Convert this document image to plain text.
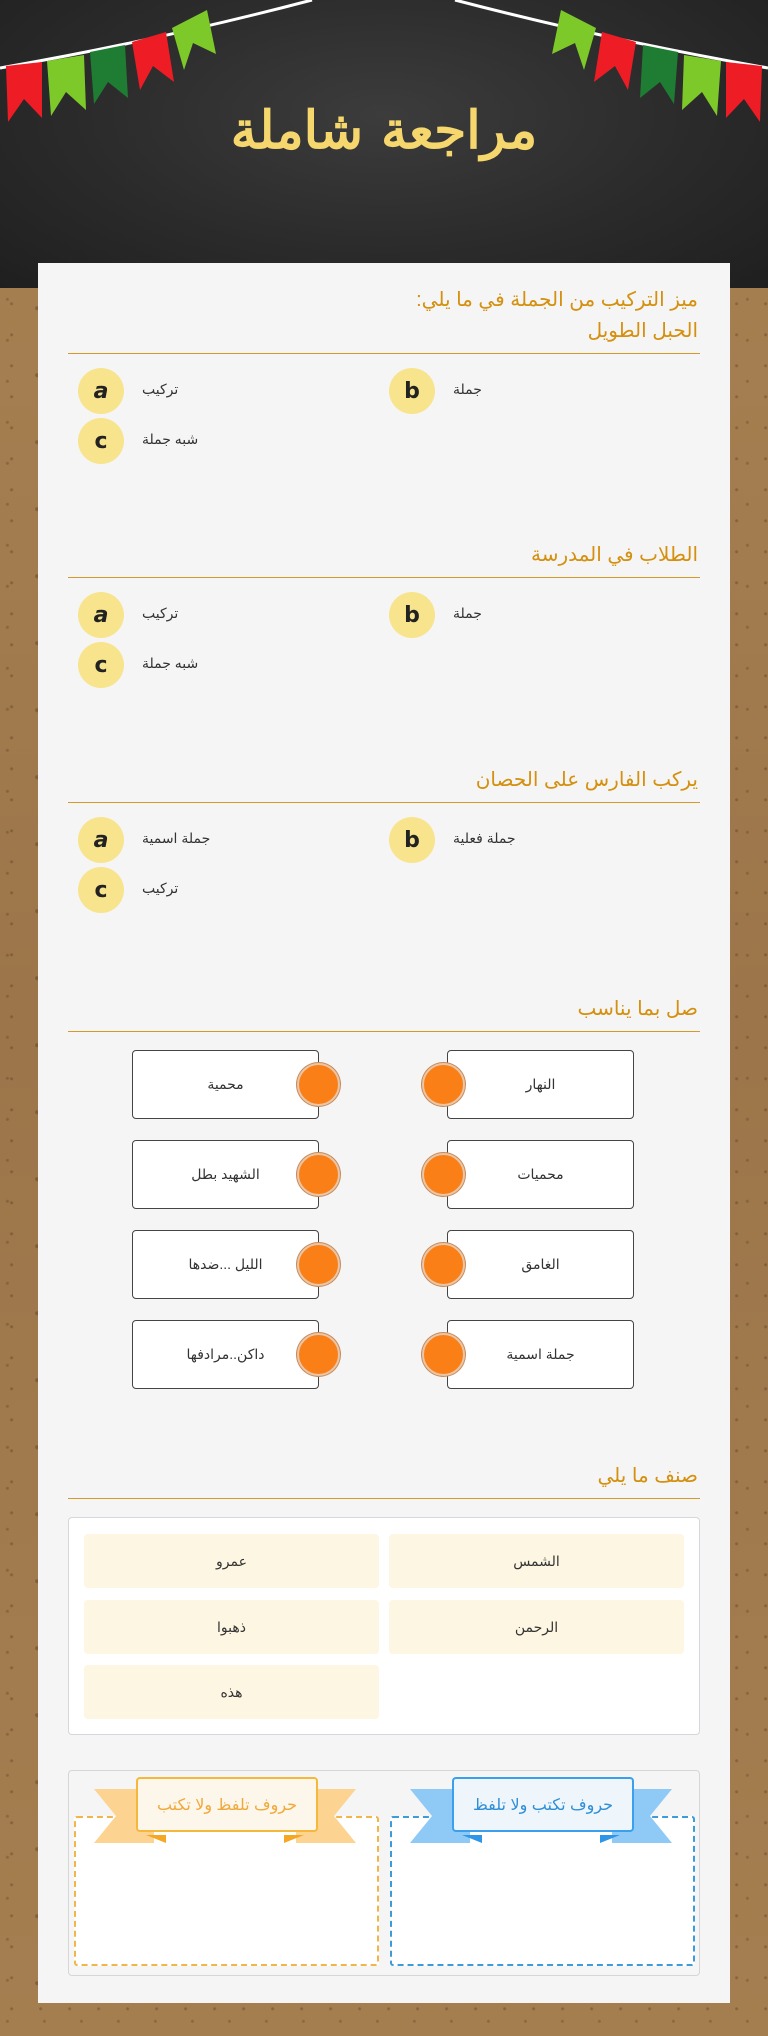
مراجعة شاملة
ميز التركيب من الجملة في ما يلي:
الحبل الطويل
a	تركيب	b	جملة
c	شبه جملة
الطلاب في المدرسة
a	تركيب	b	جملة
c	شبه جملة
يركب الفارس على الحصان
a	جملة اسمية	b	جملة فعلية
c	تركيب
صل بما يناسب
محمية	النهار
الشهيد بطل	محميات
الليل ...ضدها	الغامق
داكن..مرادفها	جملة اسمية
صنف ما يلي
الشمس
عمرو
الرحمن
ذهبوا
هذه
حروف تلفظ ولا تكتب	حروف تكتب ولا تلفظ
